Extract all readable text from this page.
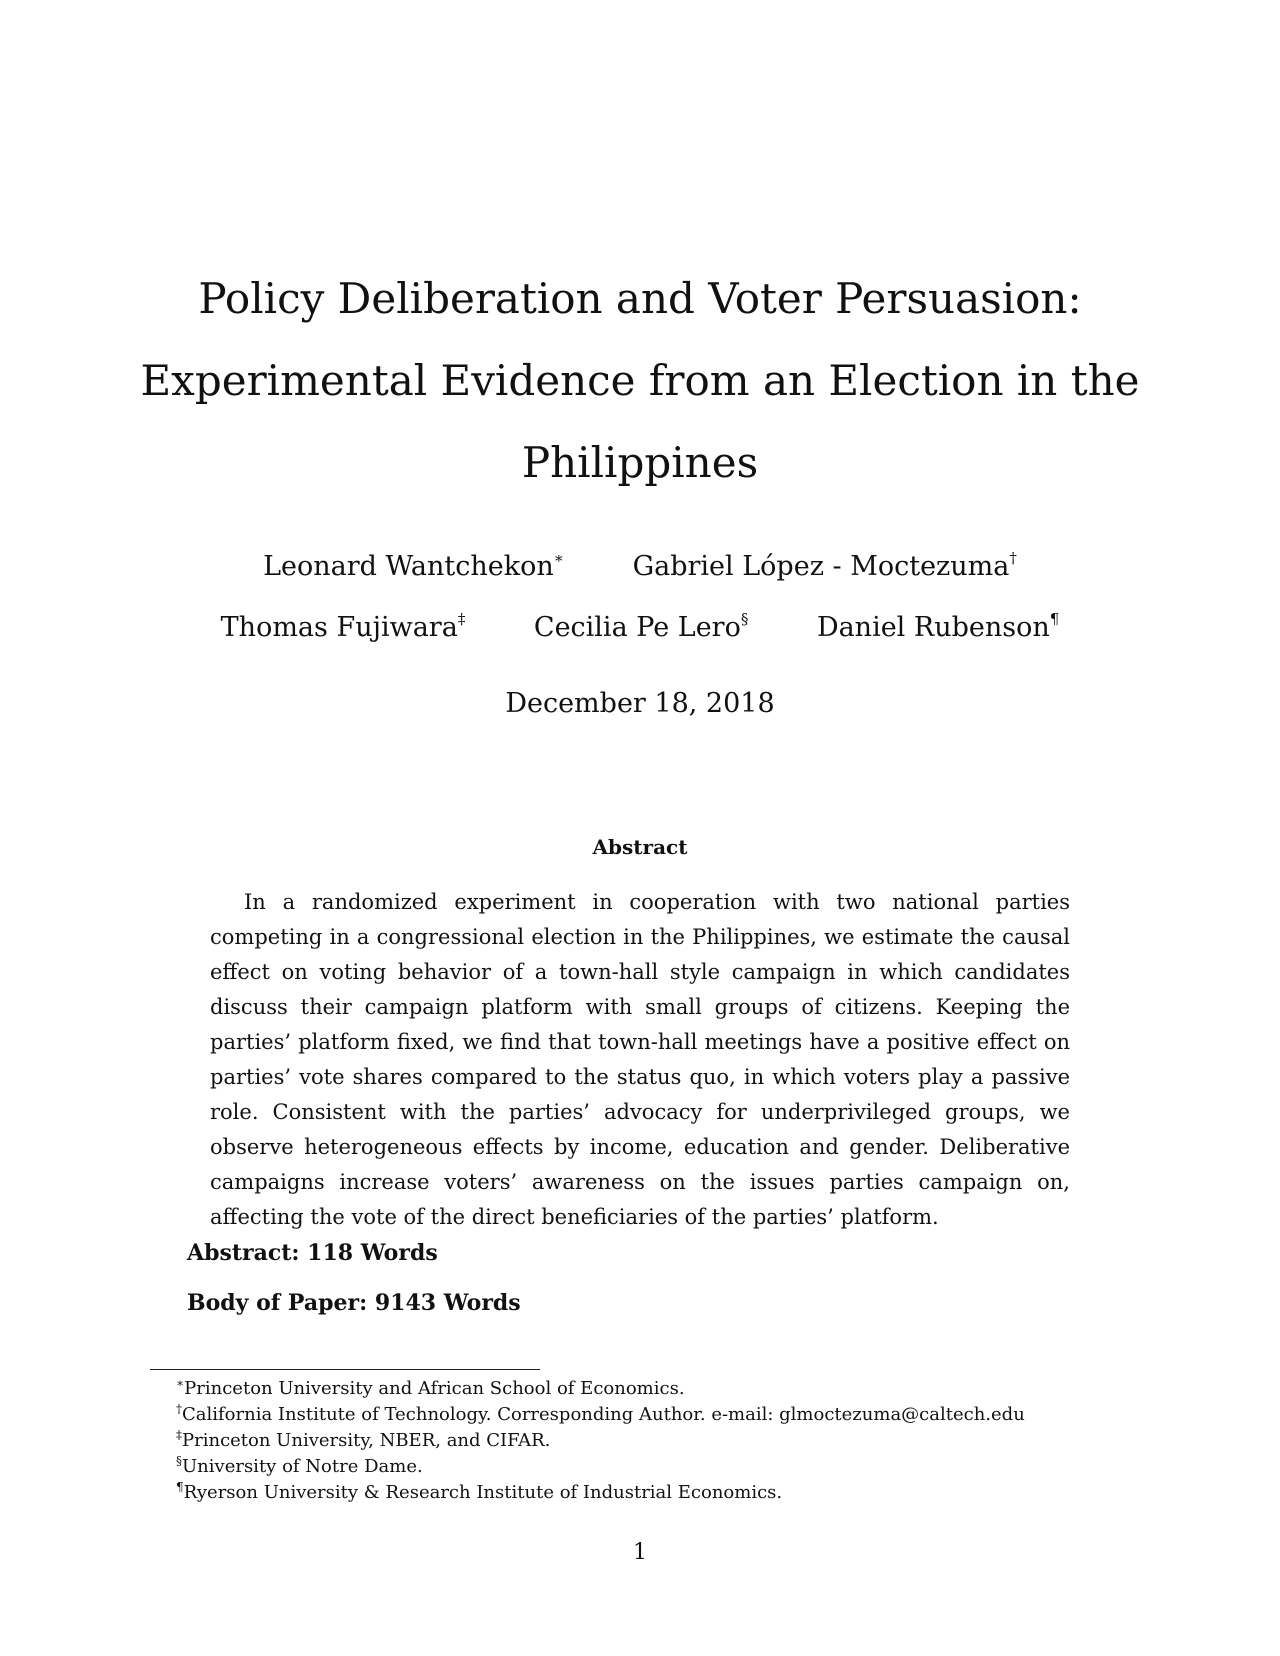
Policy Deliberation and Voter Persuasion:
Experimental Evidence from an Election in the
Philippines
Leonard Wantchekon∗	Gabriel López - Moctezuma†
Thomas Fujiwara‡	Cecilia Pe Lero§	Daniel Rubenson¶
December 18, 2018
Abstract

In a randomized experiment in cooperation with two national parties competing in a congressional election in the Philippines, we estimate the causal effect on voting behavior of a town-hall style campaign in which candidates discuss their campaign platform with small groups of citizens. Keeping the parties’ platform fixed, we find that town-hall meetings have a positive effect on parties’ vote shares compared to the status quo, in which voters play a passive role. Consistent with the parties’ advocacy for underprivileged groups, we observe heterogeneous effects by income, education and gender. Deliberative campaigns increase voters’ awareness on the issues parties campaign on, affecting the vote of the direct beneficiaries of the parties’ platform.

Abstract: 118 Words
Body of Paper: 9143 Words
∗Princeton University and African School of Economics.
†California Institute of Technology. Corresponding Author. e-mail: glmoctezuma@caltech.edu
‡Princeton University, NBER, and CIFAR.
§University of Notre Dame.
¶Ryerson University & Research Institute of Industrial Economics.
1
